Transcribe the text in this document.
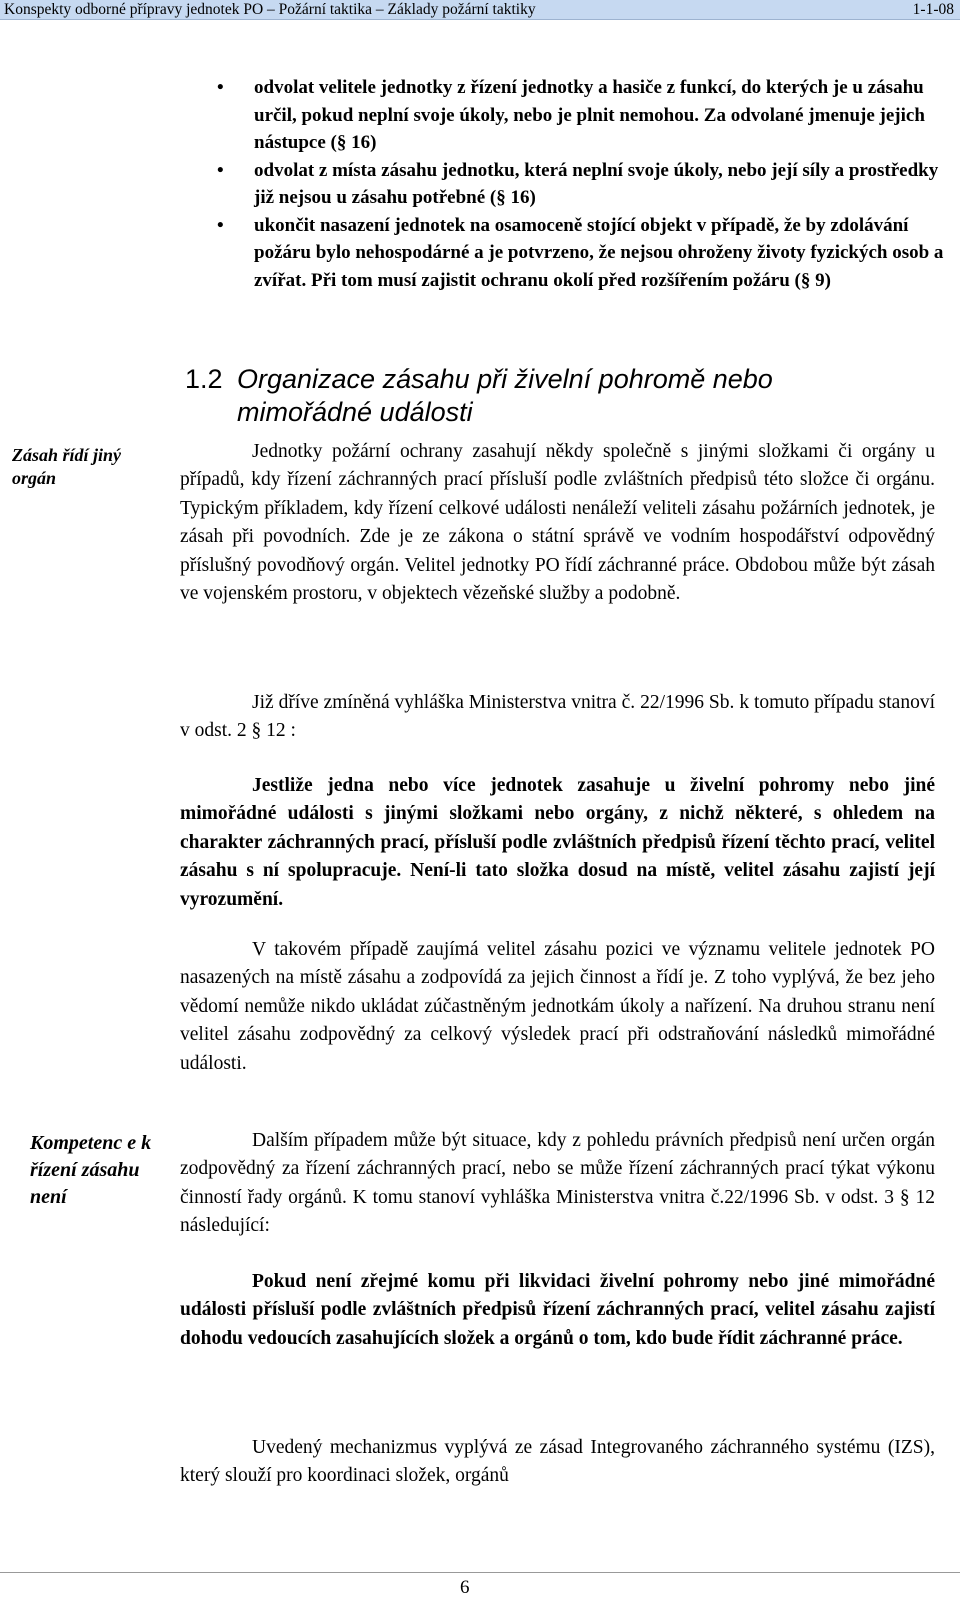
Konspekty odborné přípravy jednotek PO – Požární taktika – Základy požární taktiky	1-1-08
• odvolat velitele jednotky z řízení jednotky a hasiče z funkcí, do kterých je u zásahu určil, pokud neplní svoje úkoly, nebo je plnit nemohou. Za odvolané jmenuje jejich nástupce (§ 16)
• odvolat z místa zásahu jednotku, která neplní svoje úkoly, nebo její síly a prostředky již nejsou u zásahu potřebné (§ 16)
• ukončit nasazení jednotek na osamoceně stojící objekt v případě, že by zdolávání požáru bylo nehospodárné a je potvrzeno, že nejsou ohroženy životy fyzických osob a zvířat. Při tom musí zajistit ochranu okolí před rozšířením požáru (§ 9)
1.2 Organizace zásahu při živelní pohromě nebo
mimořádné události
Zásah řídí jiný orgán
Jednotky požární ochrany zasahují někdy společně s jinými složkami či orgány u případů, kdy řízení záchranných prací přísluší podle zvláštních předpisů této složce či orgánu. Typickým příkladem, kdy řízení celkové události nenáleží veliteli zásahu požárních jednotek, je zásah při povodních. Zde je ze zákona o státní správě ve vodním hospodářství odpovědný příslušný povodňový orgán. Velitel jednotky PO řídí záchranné práce. Obdobou může být zásah ve vojenském prostoru, v objektech vězeňské služby a podobně.
Již dříve zmíněná vyhláška Ministerstva vnitra č. 22/1996 Sb. k tomuto případu stanoví v odst. 2 § 12 :
Jestliže jedna nebo více jednotek zasahuje u živelní pohromy nebo jiné mimořádné události s jinými složkami nebo orgány, z nichž některé, s ohledem na charakter záchranných prací, přísluší podle zvláštních předpisů řízení těchto prací, velitel zásahu s ní spolupracuje. Není-li tato složka dosud na místě, velitel zásahu zajistí její vyrozumění.
V takovém případě zaujímá velitel zásahu pozici ve významu velitele jednotek PO nasazených na místě zásahu a zodpovídá za jejich činnost a řídí je. Z toho vyplývá, že bez jeho vědomí nemůže nikdo ukládat zúčastněným jednotkám úkoly a nařízení. Na druhou stranu není velitel zásahu zodpovědný za celkový výsledek prací při odstraňování následků mimořádné události.
Kompetenc e k řízení zásahu není
Dalším případem může být situace, kdy z pohledu právních předpisů není určen orgán zodpovědný za řízení záchranných prací, nebo se může řízení záchranných prací týkat výkonu činností řady orgánů. K tomu stanoví vyhláška Ministerstva vnitra č.22/1996 Sb. v odst. 3 § 12 následující:
Pokud není zřejmé komu při likvidaci živelní pohromy nebo jiné mimořádné události přísluší podle zvláštních předpisů řízení záchranných prací, velitel zásahu zajistí dohodu vedoucích zasahujících složek a orgánů o tom, kdo bude řídit záchranné práce.
Uvedený mechanizmus vyplývá ze zásad Integrovaného záchranného systému (IZS), který slouží pro koordinaci složek, orgánů
6
